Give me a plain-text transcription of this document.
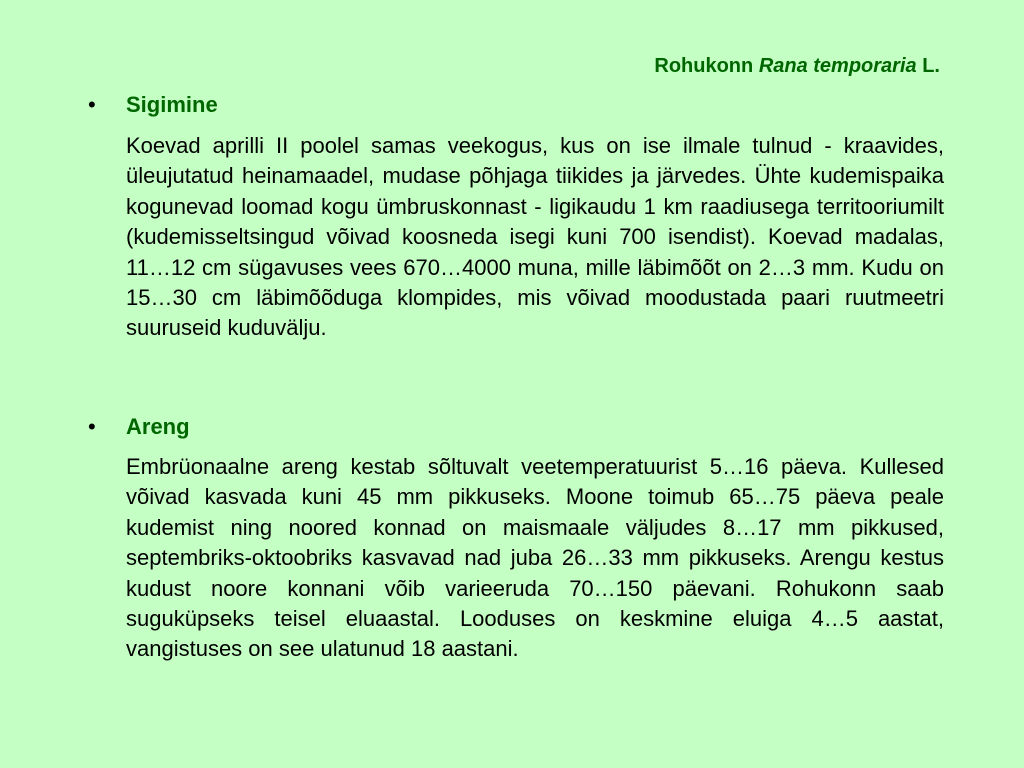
Rohukonn Rana temporaria L.
• Sigimine
Koevad aprilli II poolel samas veekogus, kus on ise ilmale tulnud - kraavides, üleujutatud heinamaadel, mudase põhjaga tiikides ja järvedes. Ühte kudemispaika kogunevad loomad kogu ümbruskonnast - ligikaudu 1 km raadiusega territooriumilt (kudemisseltsingud võivad koosneda isegi kuni 700 isendist). Koevad madalas, 11…12 cm sügavuses vees 670…4000 muna, mille läbimõõt on 2…3 mm. Kudu on 15…30 cm läbimõõduga klompides, mis võivad moodustada paari ruutmeetri suuruseid kuduvälju.
• Areng
Embrüonaalne areng kestab sõltuvalt veetemperatuurist 5…16 päeva. Kullesed võivad kasvada kuni 45 mm pikkuseks. Moone toimub 65…75 päeva peale kudemist ning noored konnad on maismaale väljudes 8…17 mm pikkused, septembriks-oktoobriks kasvavad nad juba 26…33 mm pikkuseks. Arengu kestus kudust noore konnani võib varieeruda 70…150 päevani. Rohukonn saab suguküpseks teisel eluaastal. Looduses on keskmine eluiga 4…5 aastat, vangistuses on see ulatunud 18 aastani.
